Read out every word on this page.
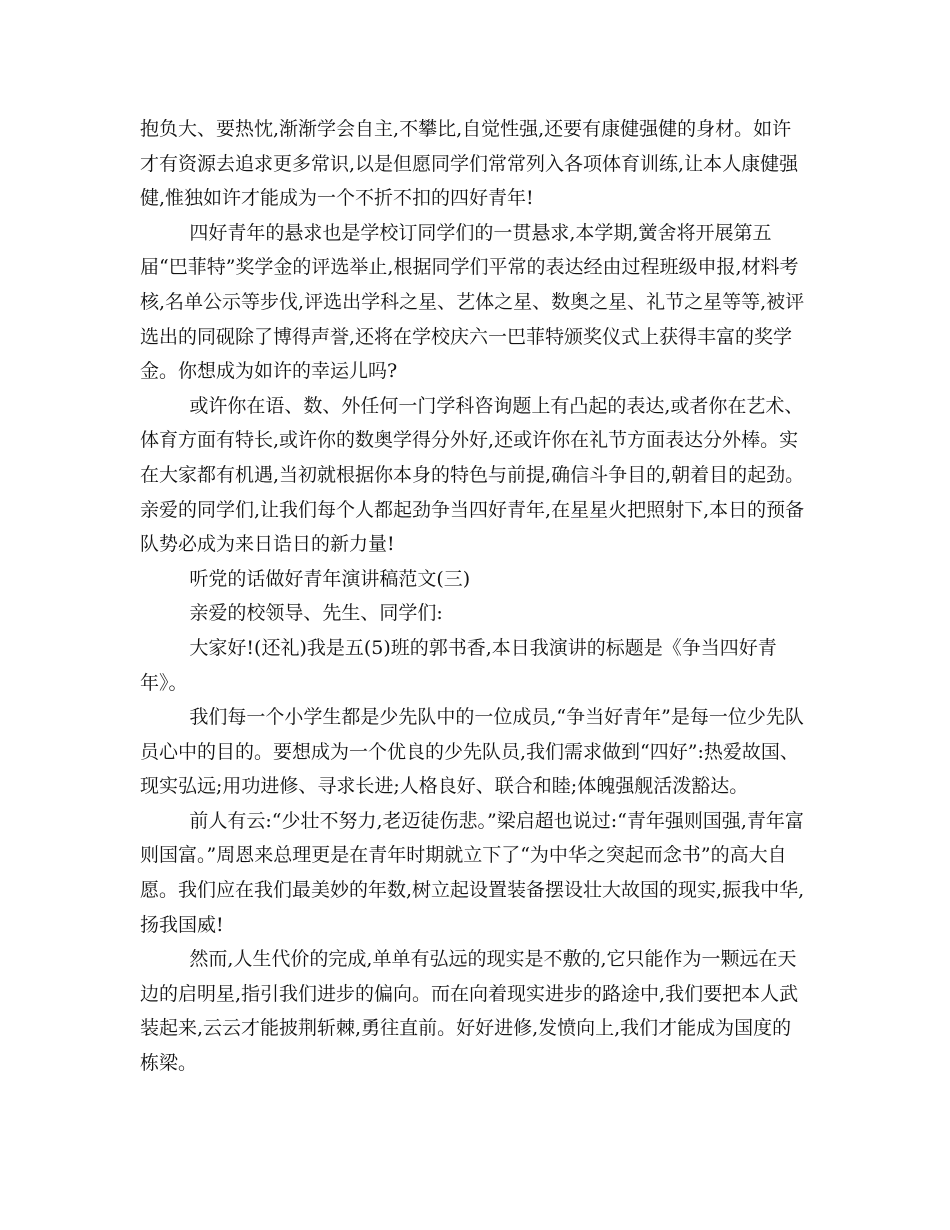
抱负大、要热忱,渐渐学会自主,不攀比,自觉性强,还要有康健强健的身材。如许才有资源去追求更多常识,以是但愿同学们常常列入各项体育训练,让本人康健强健,惟独如许才能成为一个不折不扣的四好青年!

四好青年的悬求也是学校订同学们的一贯悬求,本学期,黉舍将开展第五届“巴菲特”奖学金的评选举止,根据同学们平常的表达经由过程班级申报,材料考核,名单公示等步伐,评选出学科之星、艺体之星、数奥之星、礼节之星等等,被评选出的同砚除了博得声誉,还将在学校庆六一巴菲特颁奖仪式上获得丰富的奖学金。你想成为如许的幸运儿吗?

或许你在语、数、外任何一门学科咨询题上有凸起的表达,或者你在艺术、体育方面有特长,或许你的数奥学得分外好,还或许你在礼节方面表达分外棒。实在大家都有机遇,当初就根据你本身的特色与前提,确信斗争目的,朝着目的起劲。亲爱的同学们,让我们每个人都起劲争当四好青年,在星星火把照射下,本日的预备队势必成为来日诰日的新力量!

听党的话做好青年演讲稿范文(三)

亲爱的校领导、先生、同学们:

大家好!(还礼)我是五(5)班的郭书香,本日我演讲的标题是《争当四好青年》。

我们每一个小学生都是少先队中的一位成员,“争当好青年”是每一位少先队员心中的目的。要想成为一个优良的少先队员,我们需求做到“四好”:热爱故国、现实弘远;用功进修、寻求长进;人格良好、联合和睦;体魄强舰活泼豁达。

前人有云:“少壮不努力,老迈徒伤悲。”梁启超也说过:“青年强则国强,青年富则国富。”周恩来总理更是在青年时期就立下了“为中华之突起而念书”的高大自愿。我们应在我们最美妙的年数,树立起设置装备摆设壮大故国的现实,振我中华,扬我国威!

然而,人生代价的完成,单单有弘远的现实是不敷的,它只能作为一颗远在天边的启明星,指引我们进步的偏向。而在向着现实进步的路途中,我们要把本人武装起来,云云才能披荆斩棘,勇往直前。好好进修,发愤向上,我们才能成为国度的栋梁。
